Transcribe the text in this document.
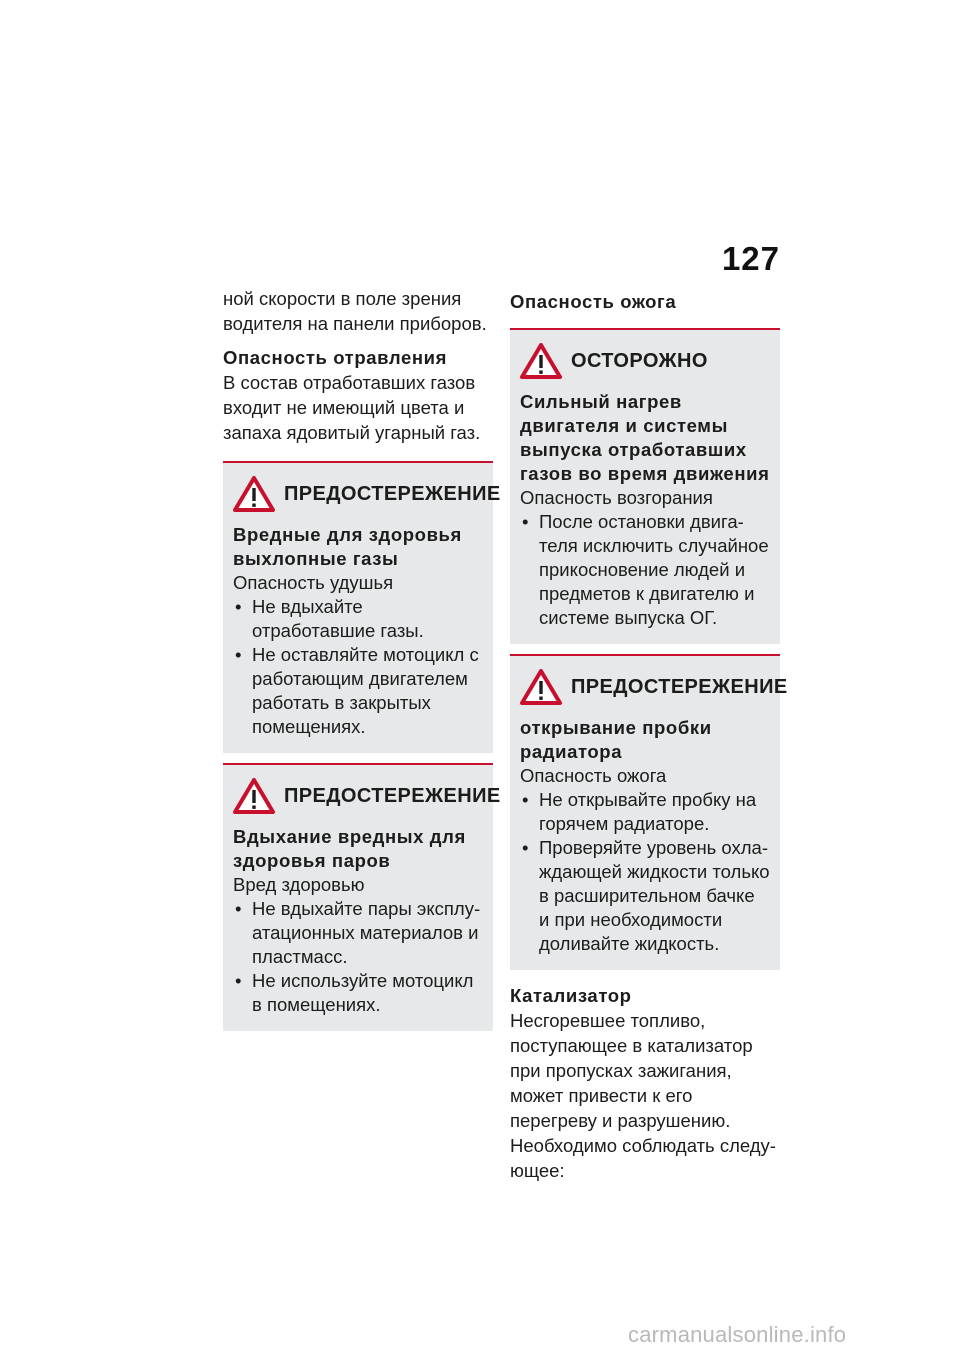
127

ной скорости в поле зрения водителя на панели приборов.

Опасность отравления

В состав отработавших газов входит не имеющий цвета и запаха ядовитый угарный газ.

ПРЕДОСТЕРЕЖЕНИЕ
Вредные для здоровья выхлопные газы
Опасность удушья
• Не вдыхайте отработавшие газы.
• Не оставляйте мотоцикл с работающим двигателем работать в закрытых помещениях.
ПРЕДОСТЕРЕЖЕНИЕ
Вдыхание вредных для здоровья паров
Вред здоровью
• Не вдыхайте пары эксплуатационных материалов и пластмасс.
• Не используйте мотоцикл в помещениях.
Опасность ожога
ОСТОРОЖНО
Сильный нагрев двигателя и системы выпуска отработавших газов во время движения
Опасность возгорания
• После остановки двигателя исключить случайное прикосновение людей и предметов к двигателю и системе выпуска ОГ.
ПРЕДОСТЕРЕЖЕНИЕ
открывание пробки радиатора
Опасность ожога
• Не открывайте пробку на горячем радиаторе.
• Проверяйте уровень охлаждающей жидкости только в расширительном бачке и при необходимости доливайте жидкость.
Катализатор

Несгоревшее топливо, поступающее в катализатор при пропусках зажигания, может привести к его перегреву и разрушению.

Необходимо соблюдать следующее:

carmanualsonline.info
